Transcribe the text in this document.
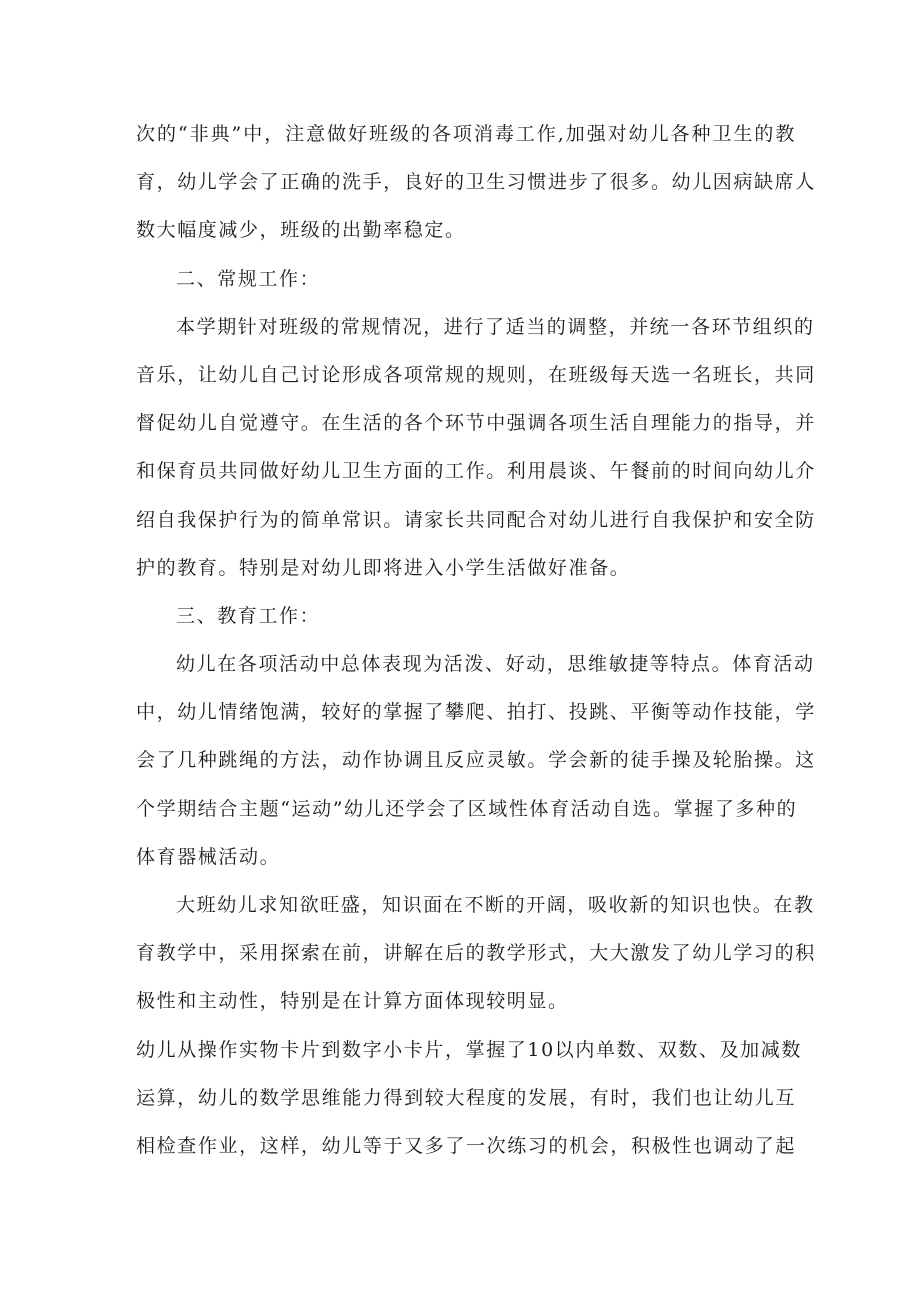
次的“非典”中，注意做好班级的各项消毒工作,加强对幼儿各种卫生的教
育，幼儿学会了正确的洗手，良好的卫生习惯进步了很多。幼儿因病缺席人
数大幅度减少，班级的出勤率稳定。
二、常规工作：
本学期针对班级的常规情况，进行了适当的调整，并统一各环节组织的
音乐，让幼儿自己讨论形成各项常规的规则，在班级每天选一名班长，共同
督促幼儿自觉遵守。在生活的各个环节中强调各项生活自理能力的指导，并
和保育员共同做好幼儿卫生方面的工作。利用晨谈、午餐前的时间向幼儿介
绍自我保护行为的简单常识。请家长共同配合对幼儿进行自我保护和安全防
护的教育。特别是对幼儿即将进入小学生活做好准备。
三、教育工作：
幼儿在各项活动中总体表现为活泼、好动，思维敏捷等特点。体育活动
中，幼儿情绪饱满，较好的掌握了攀爬、拍打、投跳、平衡等动作技能，学
会了几种跳绳的方法，动作协调且反应灵敏。学会新的徒手操及轮胎操。这
个学期结合主题“运动”幼儿还学会了区域性体育活动自选。掌握了多种的
体育器械活动。
大班幼儿求知欲旺盛，知识面在不断的开阔，吸收新的知识也快。在教
育教学中，采用探索在前，讲解在后的教学形式，大大激发了幼儿学习的积
极性和主动性，特别是在计算方面体现较明显。
幼儿从操作实物卡片到数字小卡片，掌握了10以内单数、双数、及加减数
运算，幼儿的数学思维能力得到较大程度的发展，有时，我们也让幼儿互
相检查作业，这样，幼儿等于又多了一次练习的机会，积极性也调动了起
